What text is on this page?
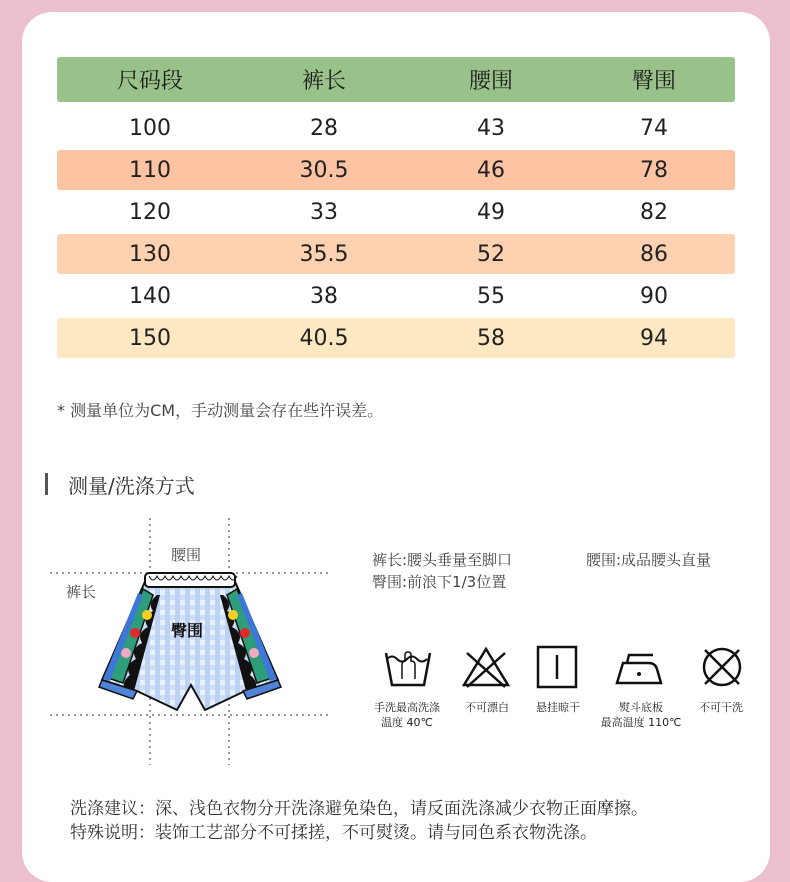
尺码段	裤长	腰围	臀围
100	28	43	74
110	30.5	46	78
120	33	49	82
130	35.5	52	86
140	38	55	90
150	40.5	58	94
* 测量单位为CM，手动测量会存在些许误差。
测量/洗涤方式
腰围
裤长
臀围
裤长:腰头垂量至脚口
臀围:前浪下1/3位置
腰围:成品腰头直量
手洗最高洗涤
温度 40℃
不可漂白 悬挂晾干	熨斗底板
最高温度 110℃
不可干洗
洗涤建议：深、浅色衣物分开洗涤避免染色，请反面洗涤减少衣物正面摩擦。
特殊说明：装饰工艺部分不可揉搓，不可熨烫。请与同色系衣物洗涤。
